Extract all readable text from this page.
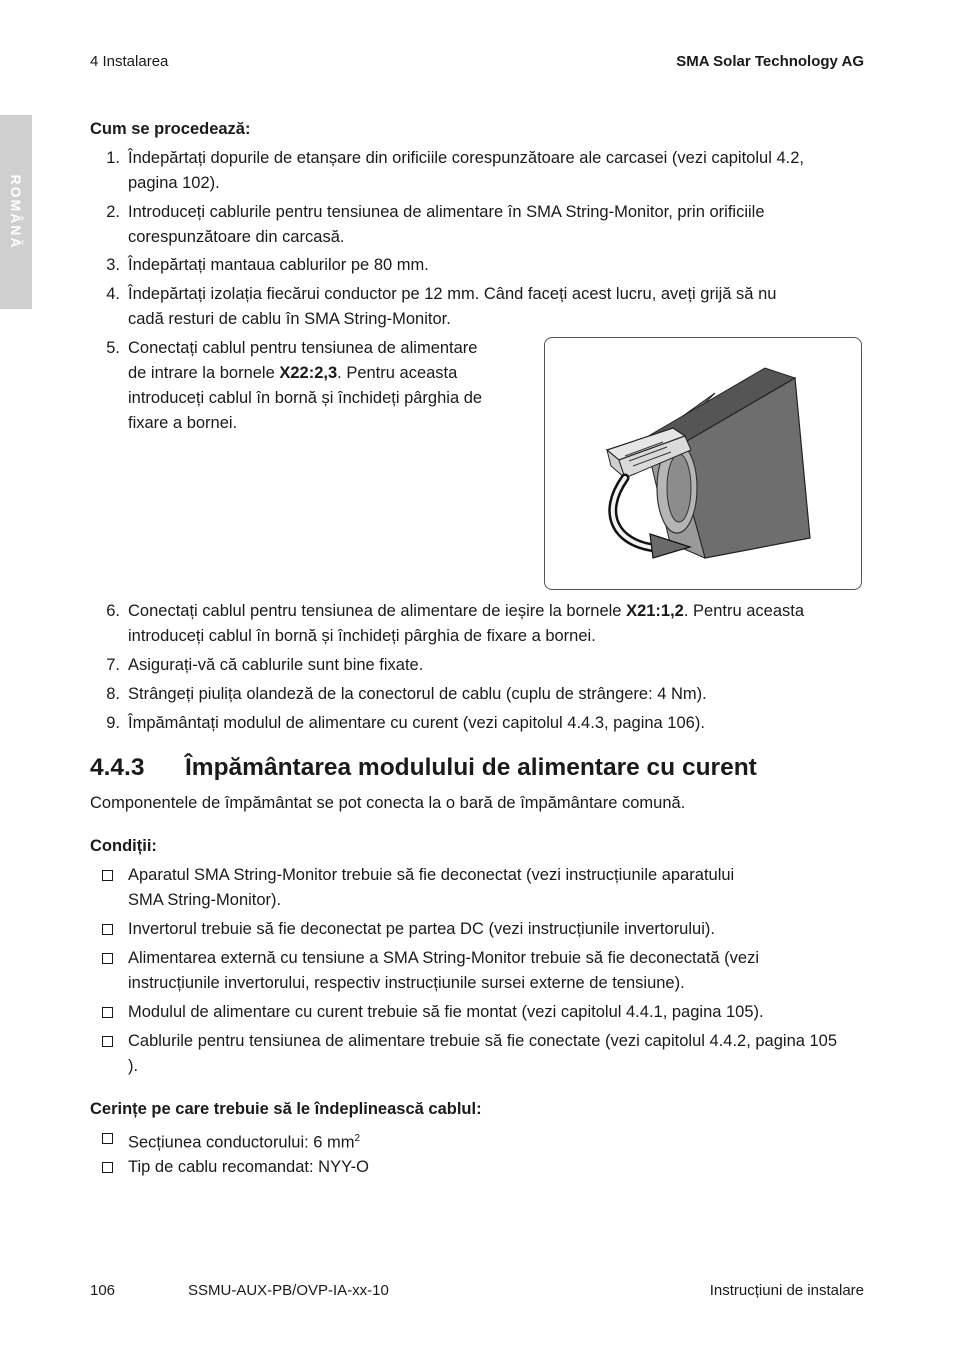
4 Instalarea	SMA Solar Technology AG
ROMÂNĂ
Cum se procedează:
1. Îndepărtați dopurile de etanșare din orificiile corespunzătoare ale carcasei (vezi capitolul 4.2,
pagina 102).
2. Introduceți cablurile pentru tensiunea de alimentare în SMA String-Monitor, prin orificiile
corespunzătoare din carcasă.
3. Îndepărtați mantaua cablurilor pe 80 mm.
4. Îndepărtați izolația fiecărui conductor pe 12 mm. Când faceți acest lucru, aveți grijă să nu
cadă resturi de cablu în SMA String-Monitor.
5. Conectați cablul pentru tensiunea de alimentare
de intrare la bornele X22:2,3. Pentru aceasta
introduceți cablul în bornă și închideți pârghia de
fixare a bornei.
6. Conectați cablul pentru tensiunea de alimentare de ieșire la bornele X21:1,2. Pentru aceasta
introduceți cablul în bornă și închideți pârghia de fixare a bornei.
7. Asigurați-vă că cablurile sunt bine fixate.
8. Strângeți piulița olandeză de la conectorul de cablu (cuplu de strângere: 4 Nm).
9. Împământați modulul de alimentare cu curent (vezi capitolul 4.4.3, pagina 106).
4.4.3 Împământarea modulului de alimentare cu curent
Componentele de împământat se pot conecta la o bară de împământare comună.
Condiții:
Aparatul SMA String-Monitor trebuie să fie deconectat (vezi instrucțiunile aparatului
SMA String-Monitor).
Invertorul trebuie să fie deconectat pe partea DC (vezi instrucțiunile invertorului).
Alimentarea externă cu tensiune a SMA String-Monitor trebuie să fie deconectată (vezi
instrucțiunile invertorului, respectiv instrucțiunile sursei externe de tensiune).
Modulul de alimentare cu curent trebuie să fie montat (vezi capitolul 4.4.1, pagina 105).
Cablurile pentru tensiunea de alimentare trebuie să fie conectate (vezi capitolul 4.4.2, pagina 105
).
Cerințe pe care trebuie să le îndeplinească cablul:
Secțiunea conductorului: 6 $mm^2$
Tip de cablu recomandat: NYY-O
106	SSMU-AUX-PB/OVP-IA-xx-10	Instrucțiuni de instalare
